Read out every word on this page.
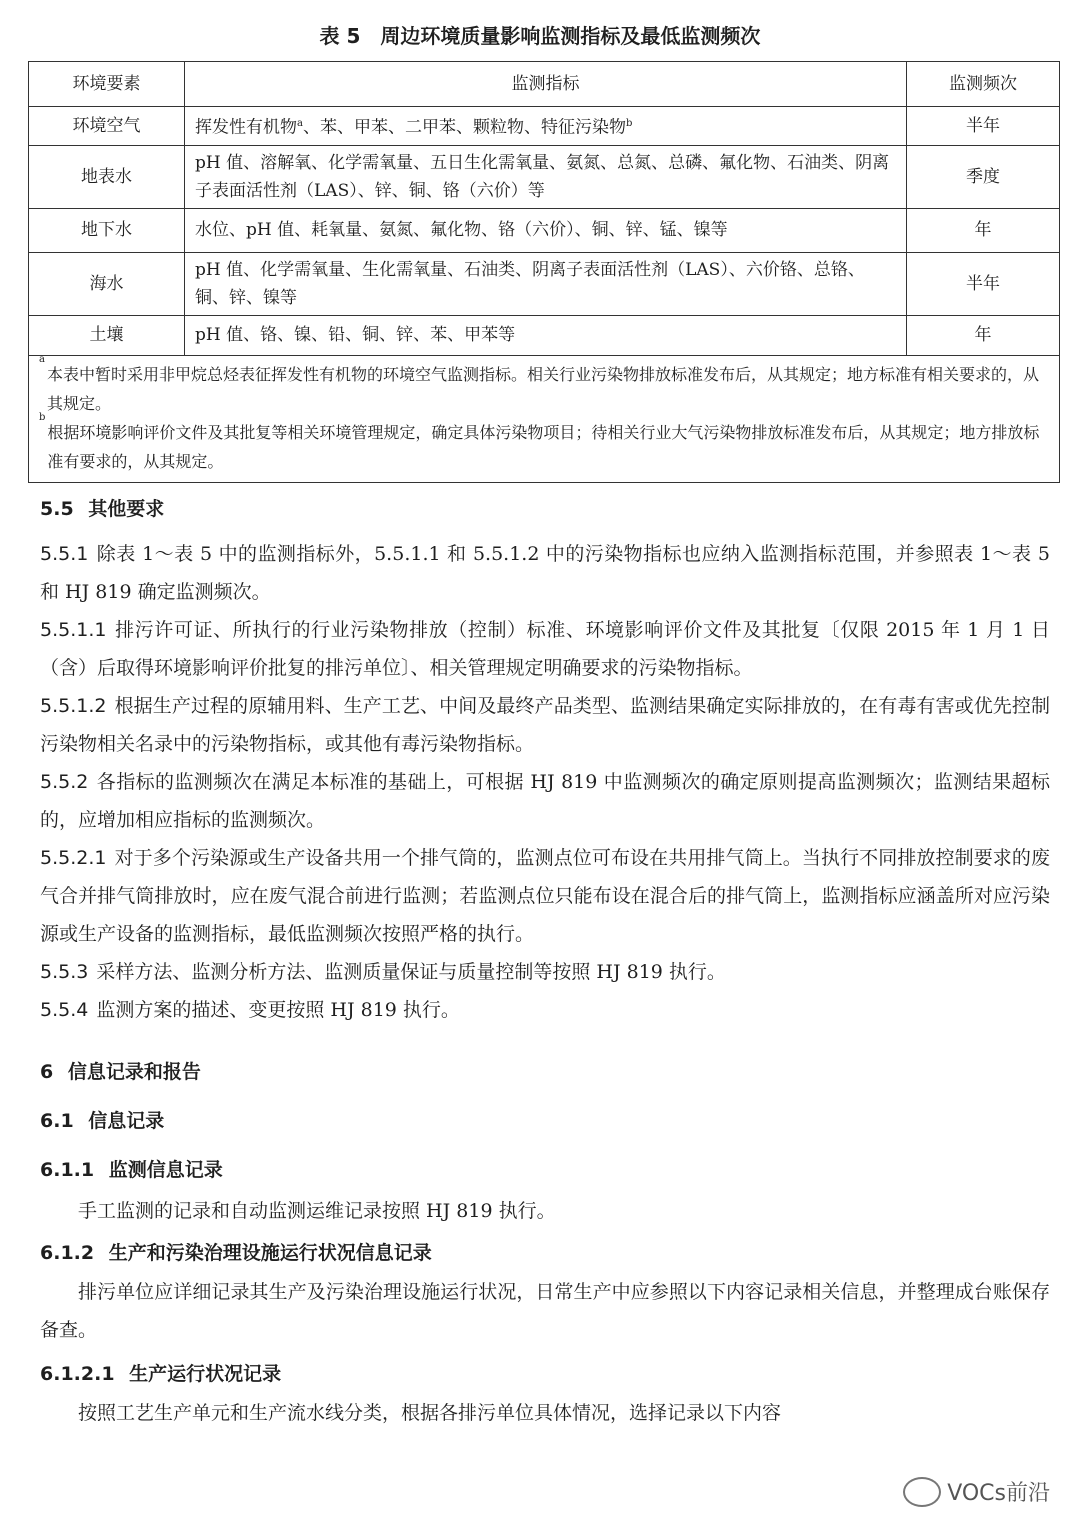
表 5　周边环境质量影响监测指标及最低监测频次
环境要素	监测指标	监测频次
环境空气	挥发性有机物$^a$、苯、甲苯、二甲苯、颗粒物、特征污染物$^b$	半年
地表水	pH 值、溶解氧、化学需氧量、五日生化需氧量、氨氮、总氮、总磷、氟化物、石油类、阴离子表面活性剂（LAS）、锌、铜、铬（六价）等	季度
地下水	水位、pH 值、耗氧量、氨氮、氟化物、铬（六价）、铜、锌、锰、镍等	年
海水	pH 值、化学需氧量、生化需氧量、石油类、阴离子表面活性剂（LAS）、六价铬、总铬、铜、锌、镍等	半年
土壤	pH 值、铬、镍、铅、铜、锌、苯、甲苯等	年

a
本表中暂时采用非甲烷总烃表征挥发性有机物的环境空气监测指标。相关行业污染物排放标准发布后，从其规定；地方标准有相关要求的，从其规定。
b
根据环境影响评价文件及其批复等相关环境管理规定，确定具体污染物项目；待相关行业大气污染物排放标准发布后，从其规定；地方排放标准有要求的，从其规定。		
5.5 其他要求
5.5.1 除表 1～表 5 中的监测指标外，5.5.1.1 和 5.5.1.2 中的污染物指标也应纳入监测指标范围，并参照表 1～表 5 和 HJ 819 确定监测频次。
5.5.1.1 排污许可证、所执行的行业污染物排放（控制）标准、环境影响评价文件及其批复〔仅限 2015 年 1 月 1 日（含）后取得环境影响评价批复的排污单位〕、相关管理规定明确要求的污染物指标。
5.5.1.2 根据生产过程的原辅用料、生产工艺、中间及最终产品类型、监测结果确定实际排放的，在有毒有害或优先控制污染物相关名录中的污染物指标，或其他有毒污染物指标。
5.5.2 各指标的监测频次在满足本标准的基础上，可根据 HJ 819 中监测频次的确定原则提高监测频次；监测结果超标的，应增加相应指标的监测频次。
5.5.2.1 对于多个污染源或生产设备共用一个排气筒的，监测点位可布设在共用排气筒上。当执行不同排放控制要求的废气合并排气筒排放时，应在废气混合前进行监测；若监测点位只能布设在混合后的排气筒上，监测指标应涵盖所对应污染源或生产设备的监测指标，最低监测频次按照严格的执行。
5.5.3 采样方法、监测分析方法、监测质量保证与质量控制等按照 HJ 819 执行。
5.5.4 监测方案的描述、变更按照 HJ 819 执行。
6 信息记录和报告
6.1 信息记录
6.1.1 监测信息记录
手工监测的记录和自动监测运维记录按照 HJ 819 执行。
6.1.2 生产和污染治理设施运行状况信息记录
排污单位应详细记录其生产及污染治理设施运行状况，日常生产中应参照以下内容记录相关信息，并整理成台账保存备查。
6.1.2.1 生产运行状况记录
按照工艺生产单元和生产流水线分类，根据各排污单位具体情况，选择记录以下内容
VOCs前沿
